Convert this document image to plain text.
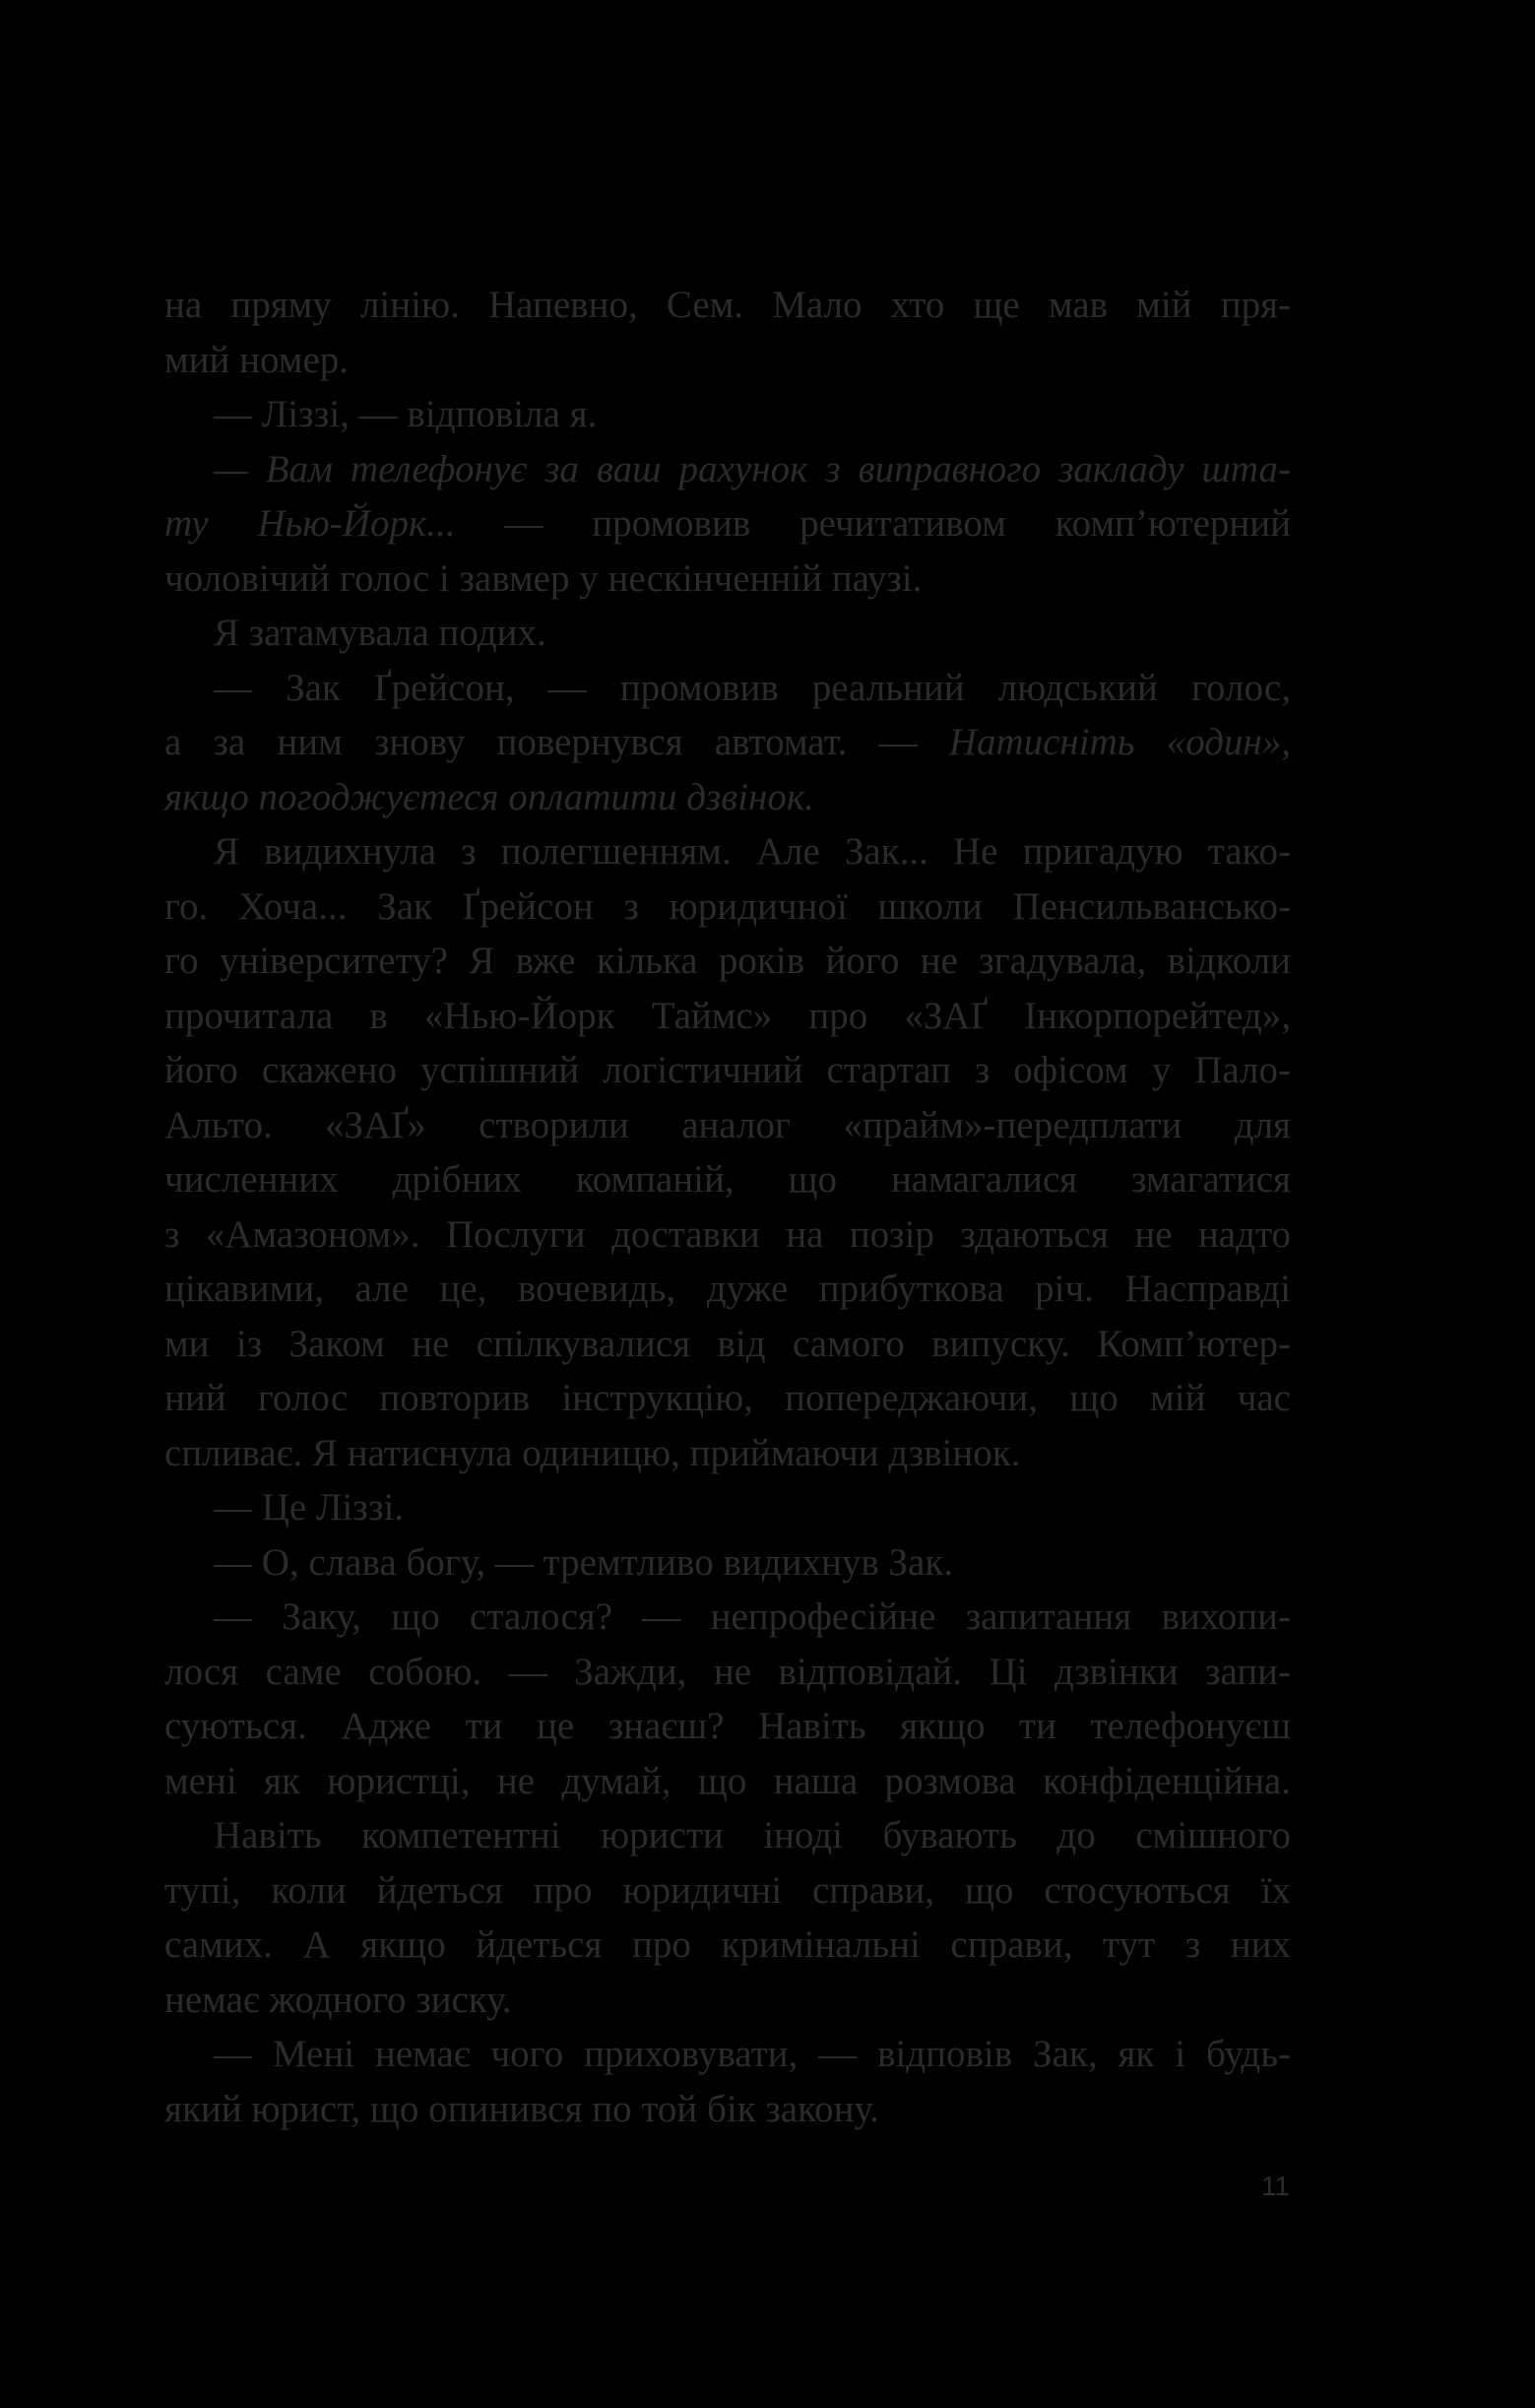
на пряму лінію. Напевно, Сем. Мало хто ще мав мій пря-
мий номер.
— Ліззі, — відповіла я.
— Вам телефонує за ваш рахунок з виправного закладу шта-
ту Нью-Йорк... — промовив речитативом комп’ютерний
чоловічий голос і завмер у нескінченній паузі.
Я затамувала подих.
— Зак Ґрейсон, — промовив реальний людський голос,
а за ним знову повернувся автомат. — Натисніть «один»,
якщо погоджуєтеся оплатити дзвінок.
Я видихнула з полегшенням. Але Зак... Не пригадую тако-
го. Хоча... Зак Ґрейсон з юридичної школи Пенсильвансько-
го університету? Я вже кілька років його не згадувала, відколи
прочитала в «Нью-Йорк Таймс» про «ЗАҐ Інкорпорейтед»,
його скажено успішний логістичний стартап з офісом у Пало-
Альто. «ЗАҐ» створили аналог «прайм»-передплати для
численних дрібних компаній, що намагалися змагатися
з «Амазоном». Послуги доставки на позір здаються не надто
цікавими, але це, вочевидь, дуже прибуткова річ. Насправді
ми із Заком не спілкувалися від самого випуску. Комп’ютер-
ний голос повторив інструкцію, попереджаючи, що мій час
спливає. Я натиснула одиницю, приймаючи дзвінок.
— Це Ліззі.
— О, слава богу, — тремтливо видихнув Зак.
— Заку, що сталося? — непрофесійне запитання вихопи-
лося саме собою. — Зажди, не відповідай. Ці дзвінки запи-
суються. Адже ти це знаєш? Навіть якщо ти телефонуєш
мені як юристці, не думай, що наша розмова конфіденційна.
Навіть компетентні юристи іноді бувають до смішного
тупі, коли йдеться про юридичні справи, що стосуються їх
самих. А якщо йдеться про кримінальні справи, тут з них
немає жодного зиску.
— Мені немає чого приховувати, — відповів Зак, як і будь-
який юрист, що опинився по той бік закону.
11
